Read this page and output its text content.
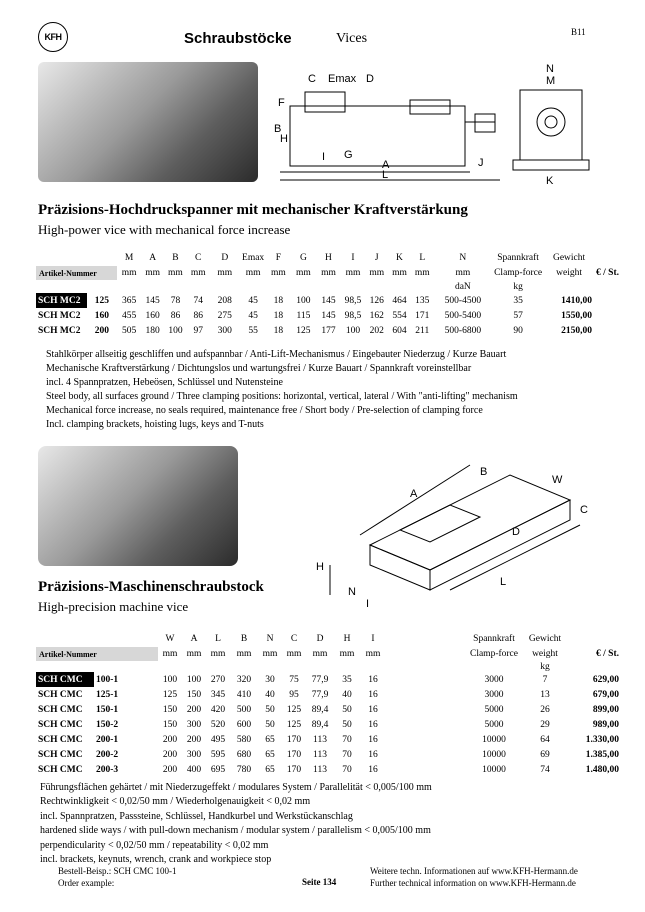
KFH	Schraubstöcke	Vices	B11
C Emax D
B
F
H
I G
A	J
L
N
M
K
Präzisions-Hochdruckspanner mit mechanischer Kraftverstärkung
High-power vice with mechanical force increase
		M	A	B	C	D	Emax	F	G	H	I	J	K	L	N	Spannkraft	Gewicht	
Artikel-Nummer		mm	mm	mm	mm	mm	mm	mm	mm	mm	mm	mm	mm	mm	mm	Clamp-force	weight	€ / St.
															daN	kg		
SCH MC2	125	365	145	78	74	208	45	18	100	145	98,5	126	464	135	500-4500	35	1410,00	
SCH MC2	160	455	160	86	86	275	45	18	115	145	98,5	162	554	171	500-5400	57	1550,00	
SCH MC2	200	505	180	100	97	300	55	18	125	177	100	202	604	211	500-6800	90	2150,00	
Stahlkörper allseitig geschliffen und aufspannbar / Anti-Lift-Mechanismus / Eingebauter Niederzug / Kurze Bauart
Mechanische Kraftverstärkung / Dichtungslos und wartungsfrei / Kurze Bauart / Spannkraft voreinstellbar
incl. 4 Spannpratzen, Hebeösen, Schlüssel und Nutensteine
Steel body, all surfaces ground / Three clamping positions: horizontal, vertical, lateral / With "anti-lifting" mechanism
Mechanical force increase, no seals required, maintenance free / Short body / Pre-selection of clamping force
Incl. clamping brackets, hoisting lugs, keys and T-nuts
A
B
W
C
D
H
N
I
L
Präzisions-Maschinenschraubstock
High-precision machine vice
		W	A	L	B	N	C	D	H	I		Spannkraft	Gewicht	
Artikel-Nummer		mm	mm	mm	mm	mm	mm	mm	mm	mm		Clamp-force	weight	€ / St.
													kg	
SCH CMC	100-1	100	100	270	320	30	75	77,9	35	16		3000	7	629,00
SCH CMC	125-1	125	150	345	410	40	95	77,9	40	16		3000	13	679,00
SCH CMC	150-1	150	200	420	500	50	125	89,4	50	16		5000	26	899,00
SCH CMC	150-2	150	300	520	600	50	125	89,4	50	16		5000	29	989,00
SCH CMC	200-1	200	200	495	580	65	170	113	70	16		10000	64	1.330,00
SCH CMC	200-2	200	300	595	680	65	170	113	70	16		10000	69	1.385,00
SCH CMC	200-3	200	400	695	780	65	170	113	70	16		10000	74	1.480,00
Führungsflächen gehärtet / mit Niederzugeffekt / modulares System / Parallelität < 0,005/100 mm
Rechtwinkligkeit < 0,02/50 mm / Wiederholgenauigkeit < 0,02 mm
incl. Spannpratzen, Passsteine, Schlüssel, Handkurbel und Werkstückanschlag
hardened slide ways / with pull-down mechanism / modular system / parallelism < 0,005/100 mm
perpendicularity < 0,02/50 mm / repeatability < 0,02 mm
incl. brackets, keynuts, wrench, crank and workpiece stop
Bestell-Beisp.: SCH CMC 100-1
Order example:	Seite 134
Weitere techn. Informationen auf www.KFH-Hermann.de
Further technical information on www.KFH-Hermann.de
